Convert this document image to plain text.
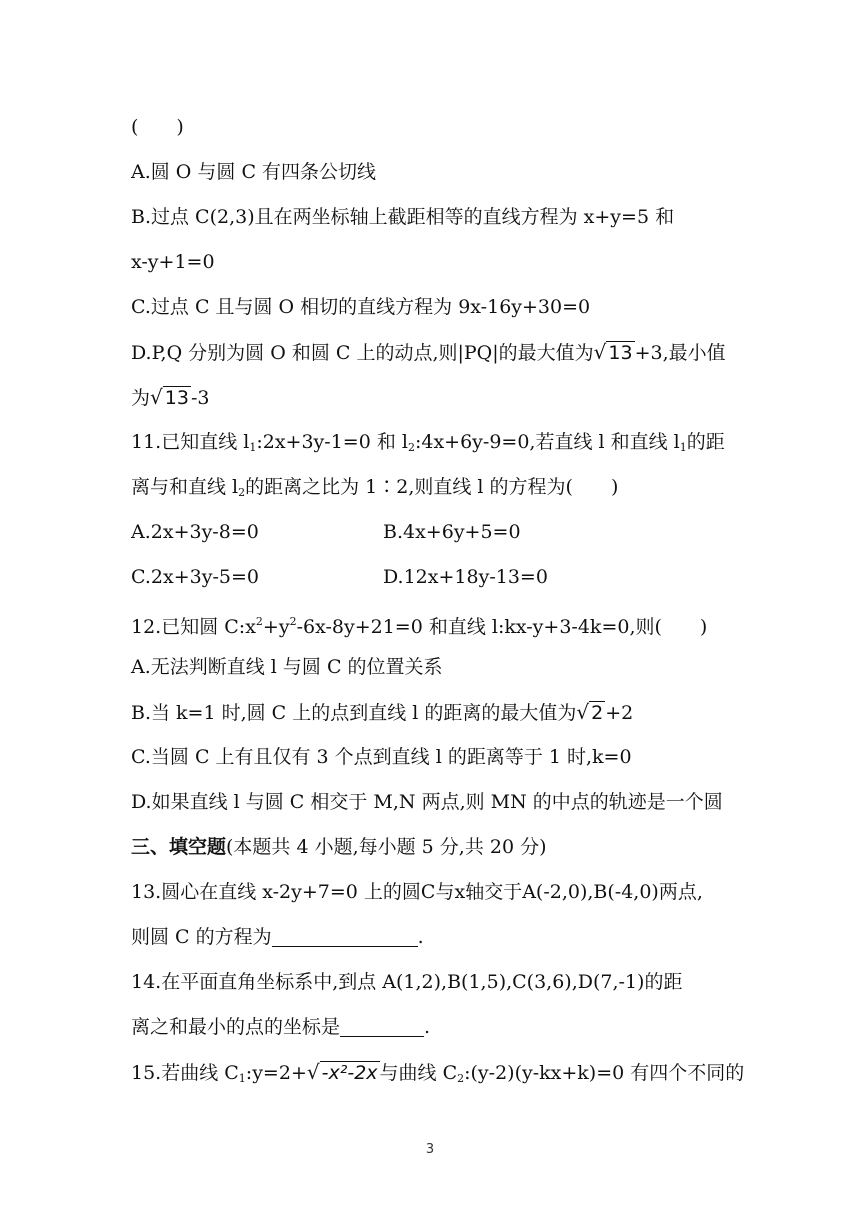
(　　)
A.圆 O 与圆 C 有四条公切线
B.过点 C(2,3)且在两坐标轴上截距相等的直线方程为 x+y=5 和
x-y+1=0
C.过点 C 且与圆 O 相切的直线方程为 9x-16y+30=0
D.P,Q 分别为圆 O 和圆 C 上的动点,则|PQ|的最大值为√ 13 +3,最小值
为√ 13 -3
11.已知直线 $l_1:2x+3y-1=0$ 和 $l_2:4x+6y-9=0$,若直线 l 和直线 $l_1$的距
离与和直线 $l_2$的距离之比为 1∶2,则直线 l 的方程为(　　)
A.2x+3y-8=0	B.4x+6y+5=0
C.2x+3y-5=0	D.12x+18y-13=0
12.已知圆 $C:x^2+y^2-6x-8y+21=0$ 和直线 l:kx-y+3-4k=0,则(　　)
A.无法判断直线 l 与圆 C 的位置关系
B.当 k=1 时,圆 C 上的点到直线 l 的距离的最大值为√ 2 +2
C.当圆 C 上有且仅有 3 个点到直线 l 的距离等于 1 时,k=0
D.如果直线 l 与圆 C 相交于 M,N 两点,则 MN 的中点的轨迹是一个圆
三、填空题(本题共 4 小题,每小题 5 分,共 20 分)
13.圆心在直线 x-2y+7=0 上的圆C与x轴交于A(-2,0),B(-4,0)两点,
则圆 C 的方程为	.
14.在平面直角坐标系中,到点 A(1,2),B(1,5),C(3,6),D(7,-1)的距
离之和最小的点的坐标是	.
15.若曲线 $C_1:y=2+√$ -x²-2x 与曲线 $C_2:(y-2)(y-kx+k)=0$ 有四个不同的
3
